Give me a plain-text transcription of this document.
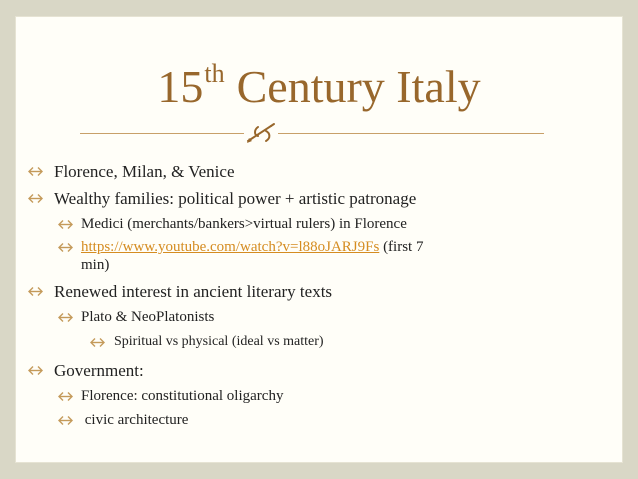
15th Century Italy
Florence, Milan, & Venice
Wealthy families: political power + artistic patronage
Medici (merchants/bankers>virtual rulers) in Florence
https://www.youtube.com/watch?v=l88oJARJ9Fs (first 7
min)
Renewed interest in ancient literary texts
Plato & NeoPlatonists
Spiritual vs physical (ideal vs matter)
Government:
Florence: constitutional oligarchy
civic architecture
